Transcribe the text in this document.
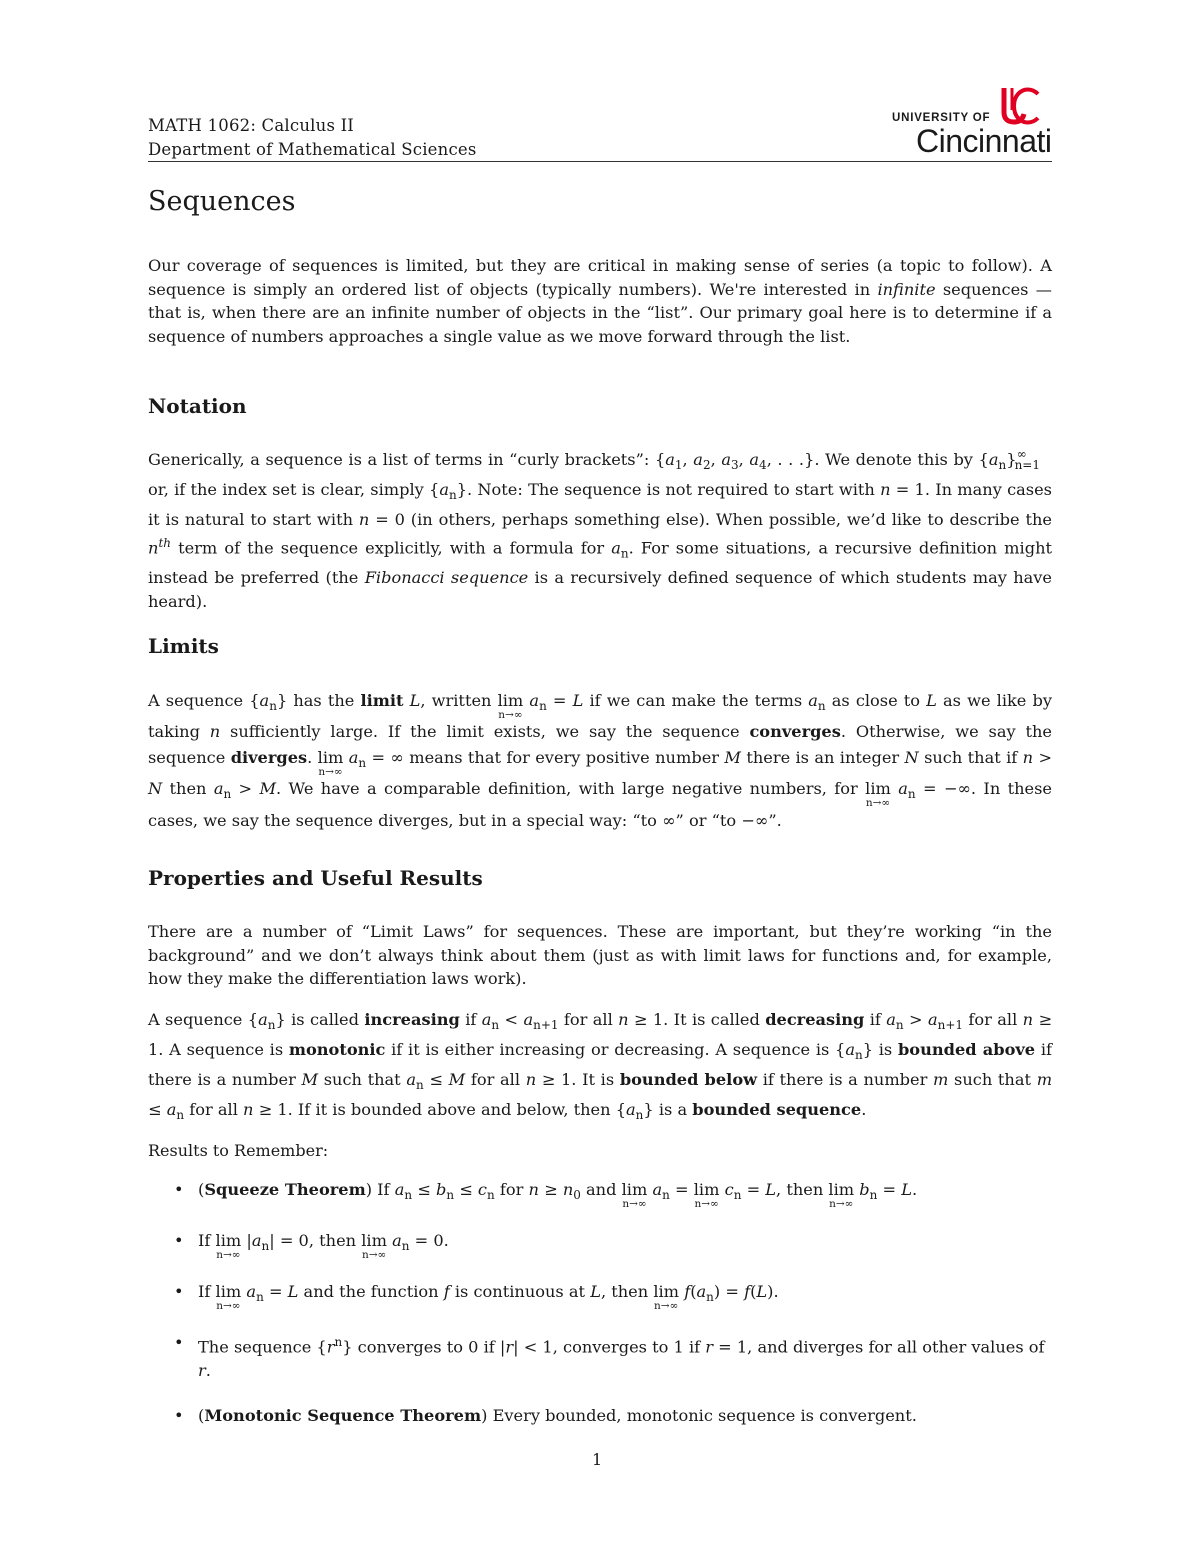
MATH 1062: Calculus II
Department of Mathematical Sciences
UNIVERSITY OF
Cincinnati
Sequences

Our coverage of sequences is limited, but they are critical in making sense of series (a topic to follow). A sequence is simply an ordered list of objects (typically numbers). We're interested in infinite sequences — that is, when there are an infinite number of objects in the “list”. Our primary goal here is to determine if a sequence of numbers approaches a single value as we move forward through the list.

Notation

Generically, a sequence is a list of terms in “curly brackets”: {$a_1$, $a_2$, $a_3$, $a_4$, . . .}. We denote this by $\{a_n\}^\infty_{n=1}$ or, if the index set is clear, simply $\{a_n\}$. Note: The sequence is not required to start with n = 1. In many cases it is natural to start with n = 0 (in others, perhaps something else). When possible, we’d like to describe the $n^{th}$ term of the sequence explicitly, with a formula for $a_n$. For some situations, a recursive definition might instead be preferred (the Fibonacci sequence is a recursively defined sequence of which students may have heard).

Limits

A sequence $\{a_n\}$ has the limit L, written lim
n→∞
$a_n = L$ if we can make the terms $a_n$ as close to L as we like by taking n sufficiently large. If the limit exists, we say the sequence converges. Otherwise, we say the sequence diverges. lim
n→∞
$a_n$ = ∞ means that for every positive number M there is an integer N such that if n > N then $a_n > M$. We have a comparable definition, with large negative numbers, for lim
n→∞
$a_n$ = −∞. In these cases, we say the sequence diverges, but in a special way: “to ∞” or “to −∞”.

Properties and Useful Results

There are a number of “Limit Laws” for sequences. These are important, but they’re working “in the background” and we don’t always think about them (just as with limit laws for functions and, for example, how they make the differentiation laws work).

A sequence $\{a_n\}$ is called increasing if $a_n < a_{n+1}$ for all n ≥ 1. It is called decreasing if $a_n > a_{n+1}$ for all n ≥ 1. A sequence is monotonic if it is either increasing or decreasing. A sequence is $\{a_n\}$ is bounded above if there is a number M such that $a_n \le M$ for all n ≥ 1. It is bounded below if there is a number m such that $m \le a_n$ for all n ≥ 1. If it is bounded above and below, then $\{a_n\}$ is a bounded sequence.

Results to Remember:
• (Squeeze Theorem) If $a_n \le b_n \le c_n$ for $n \ge n_0$ and lim
n→∞
$a_n = \lim$
n→∞
$c_n = L$, then lim
n→∞
$b_n = L$.
• If lim
n→∞
$|a_n| = 0$, then lim
n→∞
$a_n = 0$.
• If lim
n→∞
$a_n = L$ and the function f is continuous at L, then lim
n→∞
$f(a_n) = f(L)$.
• The sequence $\{r^n\}$ converges to 0 if |r| < 1, converges to 1 if r = 1, and diverges for all other values of r.
• (Monotonic Sequence Theorem) Every bounded, monotonic sequence is convergent.
1
